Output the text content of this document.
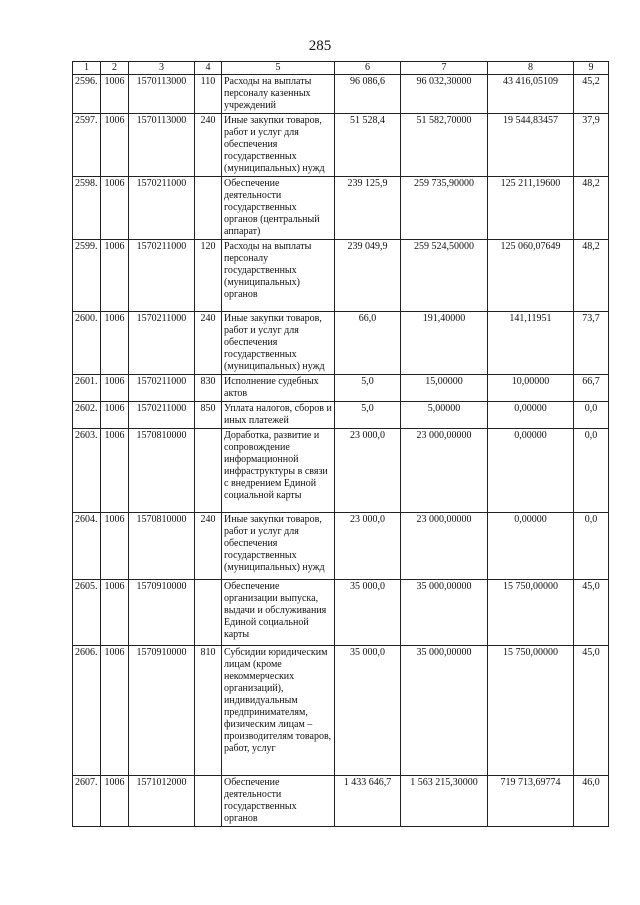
285
1	2	3	4	5	6	7	8	9
2596.	1006	1570113000	110	Расходы на выплаты персоналу казенных учреждений	96 086,6	96 032,30000	43 416,05109	45,2
2597.	1006	1570113000	240	Иные закупки товаров, работ и услуг для обеспечения государственных (муниципальных) нужд	51 528,4	51 582,70000	19 544,83457	37,9
2598.	1006	1570211000		Обеспечение деятельности государственных органов (центральный аппарат)	239 125,9	259 735,90000	125 211,19600	48,2
2599.	1006	1570211000	120	Расходы на выплаты персоналу государственных (муниципальных) органов	239 049,9	259 524,50000	125 060,07649	48,2
2600.	1006	1570211000	240	Иные закупки товаров, работ и услуг для обеспечения государственных (муниципальных) нужд	66,0	191,40000	141,11951	73,7
2601.	1006	1570211000	830	Исполнение судебных актов	5,0	15,00000	10,00000	66,7
2602.	1006	1570211000	850	Уплата налогов, сборов и иных платежей	5,0	5,00000	0,00000	0,0
2603.	1006	1570810000		Доработка, развитие и сопровождение информационной инфраструктуры в связи с внедрением Единой социальной карты	23 000,0	23 000,00000	0,00000	0,0
2604.	1006	1570810000	240	Иные закупки товаров, работ и услуг для обеспечения государственных (муниципальных) нужд	23 000,0	23 000,00000	0,00000	0,0
2605.	1006	1570910000		Обеспечение организации выпуска, выдачи и обслуживания Единой социальной карты	35 000,0	35 000,00000	15 750,00000	45,0
2606.	1006	1570910000	810	Субсидии юридическим лицам (кроме некоммерческих организаций), индивидуальным предпринимателям, физическим лицам – производителям товаров, работ, услуг	35 000,0	35 000,00000	15 750,00000	45,0
2607.	1006	1571012000		Обеспечение деятельности государственных органов	1 433 646,7	1 563 215,30000	719 713,69774	46,0
